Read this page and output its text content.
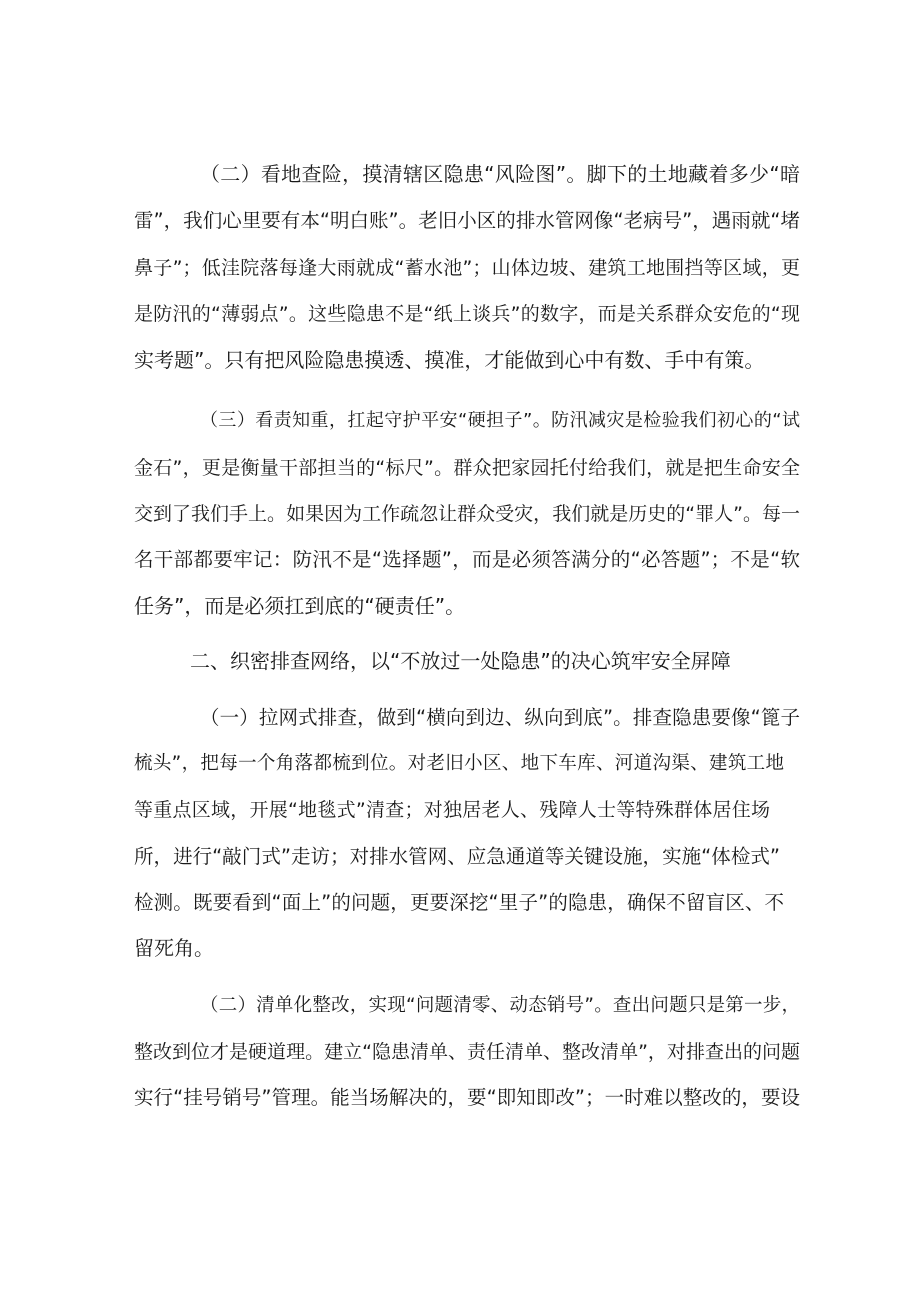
（二）看地查险，摸清辖区隐患“风险图”。脚下的土地藏着多少“暗
雷”，我们心里要有本“明白账”。老旧小区的排水管网像“老病号”，遇雨就“堵
鼻子”；低洼院落每逢大雨就成“蓄水池”；山体边坡、建筑工地围挡等区域，更
是防汛的“薄弱点”。这些隐患不是“纸上谈兵”的数字，而是关系群众安危的“现
实考题”。只有把风险隐患摸透、摸准，才能做到心中有数、手中有策。
（三）看责知重，扛起守护平安“硬担子”。防汛减灾是检验我们初心的“试
金石”，更是衡量干部担当的“标尺”。群众把家园托付给我们，就是把生命安全
交到了我们手上。如果因为工作疏忽让群众受灾，我们就是历史的“罪人”。每一
名干部都要牢记：防汛不是“选择题”，而是必须答满分的“必答题”；不是“软
任务”，而是必须扛到底的“硬责任”。
二、织密排查网络，以“不放过一处隐患”的决心筑牢安全屏障
（一）拉网式排查，做到“横向到边、纵向到底”。排查隐患要像“篦子
梳头”，把每一个角落都梳到位。对老旧小区、地下车库、河道沟渠、建筑工地
等重点区域，开展“地毯式”清查；对独居老人、残障人士等特殊群体居住场
所，进行“敲门式”走访；对排水管网、应急通道等关键设施，实施“体检式”
检测。既要看到“面上”的问题，更要深挖“里子”的隐患，确保不留盲区、不
留死角。
（二）清单化整改，实现“问题清零、动态销号”。查出问题只是第一步，
整改到位才是硬道理。建立“隐患清单、责任清单、整改清单”，对排查出的问题
实行“挂号销号”管理。能当场解决的，要“即知即改”；一时难以整改的，要设
